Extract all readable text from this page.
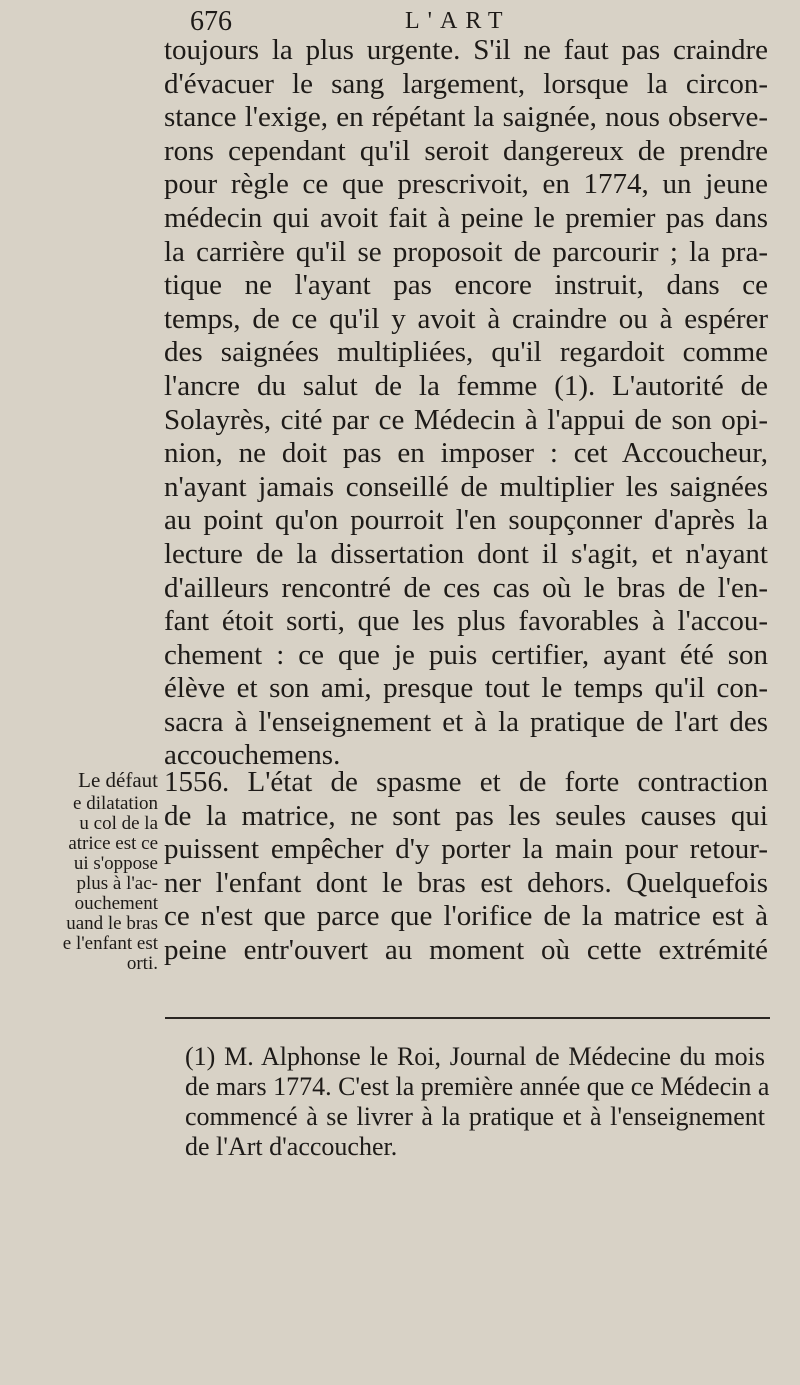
676	L'ART
toujours la plus urgente. S'il ne faut pas craindre
d'évacuer le sang largement, lorsque la circon-
stance l'exige, en répétant la saignée, nous observe-
rons cependant qu'il seroit dangereux de prendre
pour règle ce que prescrivoit, en 1774, un jeune
médecin qui avoit fait à peine le premier pas dans
la carrière qu'il se proposoit de parcourir ; la pra-
tique ne l'ayant pas encore instruit, dans ce
temps, de ce qu'il y avoit à craindre ou à espérer
des saignées multipliées, qu'il regardoit comme
l'ancre du salut de la femme (1). L'autorité de
Solayrès, cité par ce Médecin à l'appui de son opi-
nion, ne doit pas en imposer : cet Accoucheur,
n'ayant jamais conseillé de multiplier les saignées
au point qu'on pourroit l'en soupçonner d'après la
lecture de la dissertation dont il s'agit, et n'ayant
d'ailleurs rencontré de ces cas où le bras de l'en-
fant étoit sorti, que les plus favorables à l'accou-
chement : ce que je puis certifier, ayant été son
élève et son ami, presque tout le temps qu'il con-
sacra à l'enseignement et à la pratique de l'art des
accouchemens.
Le défaut
e dilatation
u col de la
atrice est ce
ui s'oppose
plus à l'ac-
ouchement
uand le bras
e l'enfant est
orti.
1556. L'état de spasme et de forte contraction
de la matrice, ne sont pas les seules causes qui
puissent empêcher d'y porter la main pour retour-
ner l'enfant dont le bras est dehors. Quelquefois
ce n'est que parce que l'orifice de la matrice est à
peine entr'ouvert au moment où cette extrémité
(1) M. Alphonse le Roi, Journal de Médecine du mois
de mars 1774. C'est la première année que ce Médecin a
commencé à se livrer à la pratique et à l'enseignement
de l'Art d'accoucher.
